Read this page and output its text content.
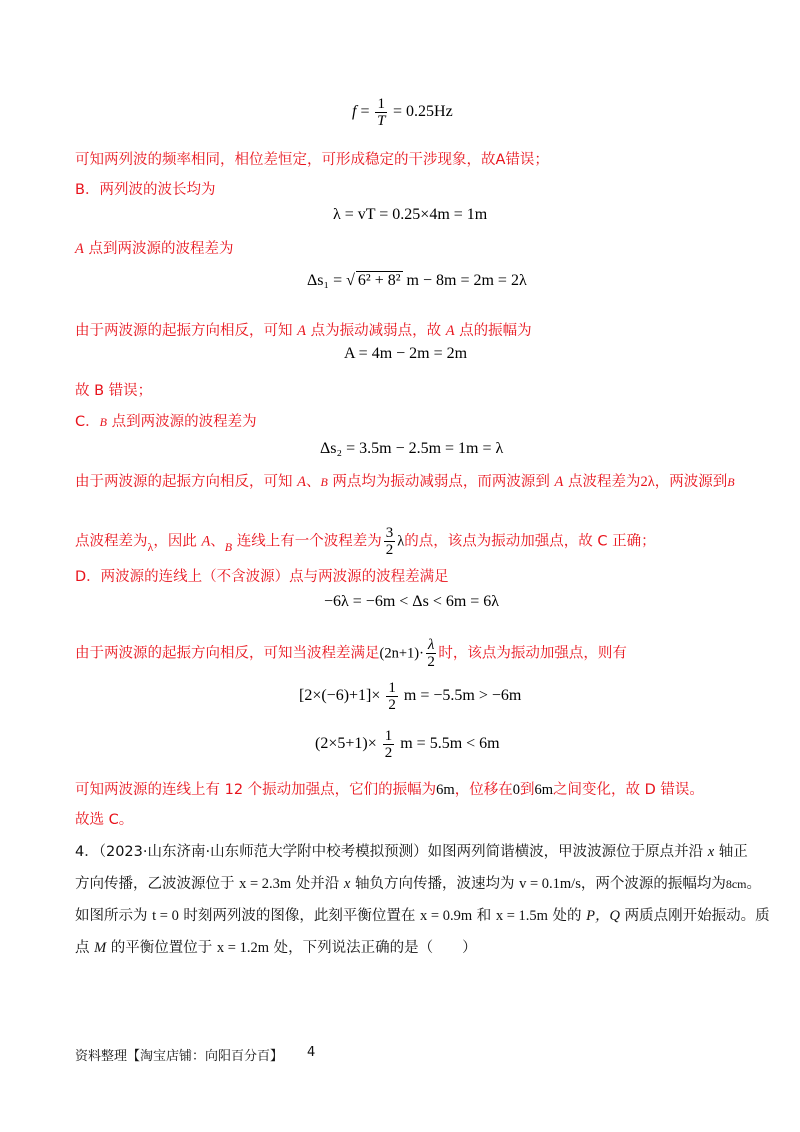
$f = \frac{1}{T} = 0.25Hz$
可知两列波的频率相同，相位差恒定，可形成稳定的干涉现象，故A错误；
B．两列波的波长均为
λ = vT = 0.25×4m = 1m
A 点到两波源的波程差为
Δs₁ = √ 6² + 8² m − 8m = 2m = 2λ
由于两波源的起振方向相反，可知 A 点为振动减弱点，故 A 点的振幅为
A = 4m − 2m = 2m
故 B 错误；
C．B 点到两波源的波程差为
Δs₂ = 3.5m − 2.5m = 1m = λ
由于两波源的起振方向相反，可知 A、B 两点均为振动减弱点，而两波源到 A 点波程差为2λ，两波源到B
点波程差为$_\lambda$，因此 A、$_B$ 连线上有一个波程差为 $\frac{3}{2}$ λ的点，该点为振动加强点，故 C 正确；
D．两波源的连线上（不含波源）点与两波源的波程差满足
−6λ = −6m < Δs < 6m = 6λ
由于两波源的起振方向相反，可知当波程差满足$(2n+1)\cdot \frac{\lambda}{2}$ 时，该点为振动加强点，则有
$[2\times(-6)+1]\times \frac{1}{2}$ m = −5.5m > −6m
$(2\times 5+1)\times \frac{1}{2}$ m = 5.5m < 6m
可知两波源的连线上有 12 个振动加强点，它们的振幅为6m，位移在0到6m之间变化，故 D 错误。
故选 C。
4．（2023·山东济南·山东师范大学附中校考模拟预测）如图两列简谐横波，甲波波源位于原点并沿 x 轴正
方向传播，乙波波源位于 x = 2.3m 处并沿 x 轴负方向传播，波速均为 v = 0.1m/s，两个波源的振幅均为8cm。
如图所示为 t = 0 时刻两列波的图像，此刻平衡位置在 x = 0.9m 和 x = 1.5m 处的 P，Q 两质点刚开始振动。质
点 M 的平衡位置位于 x = 1.2m 处，下列说法正确的是（　　）
资料整理【淘宝店铺：向阳百分百】 4
